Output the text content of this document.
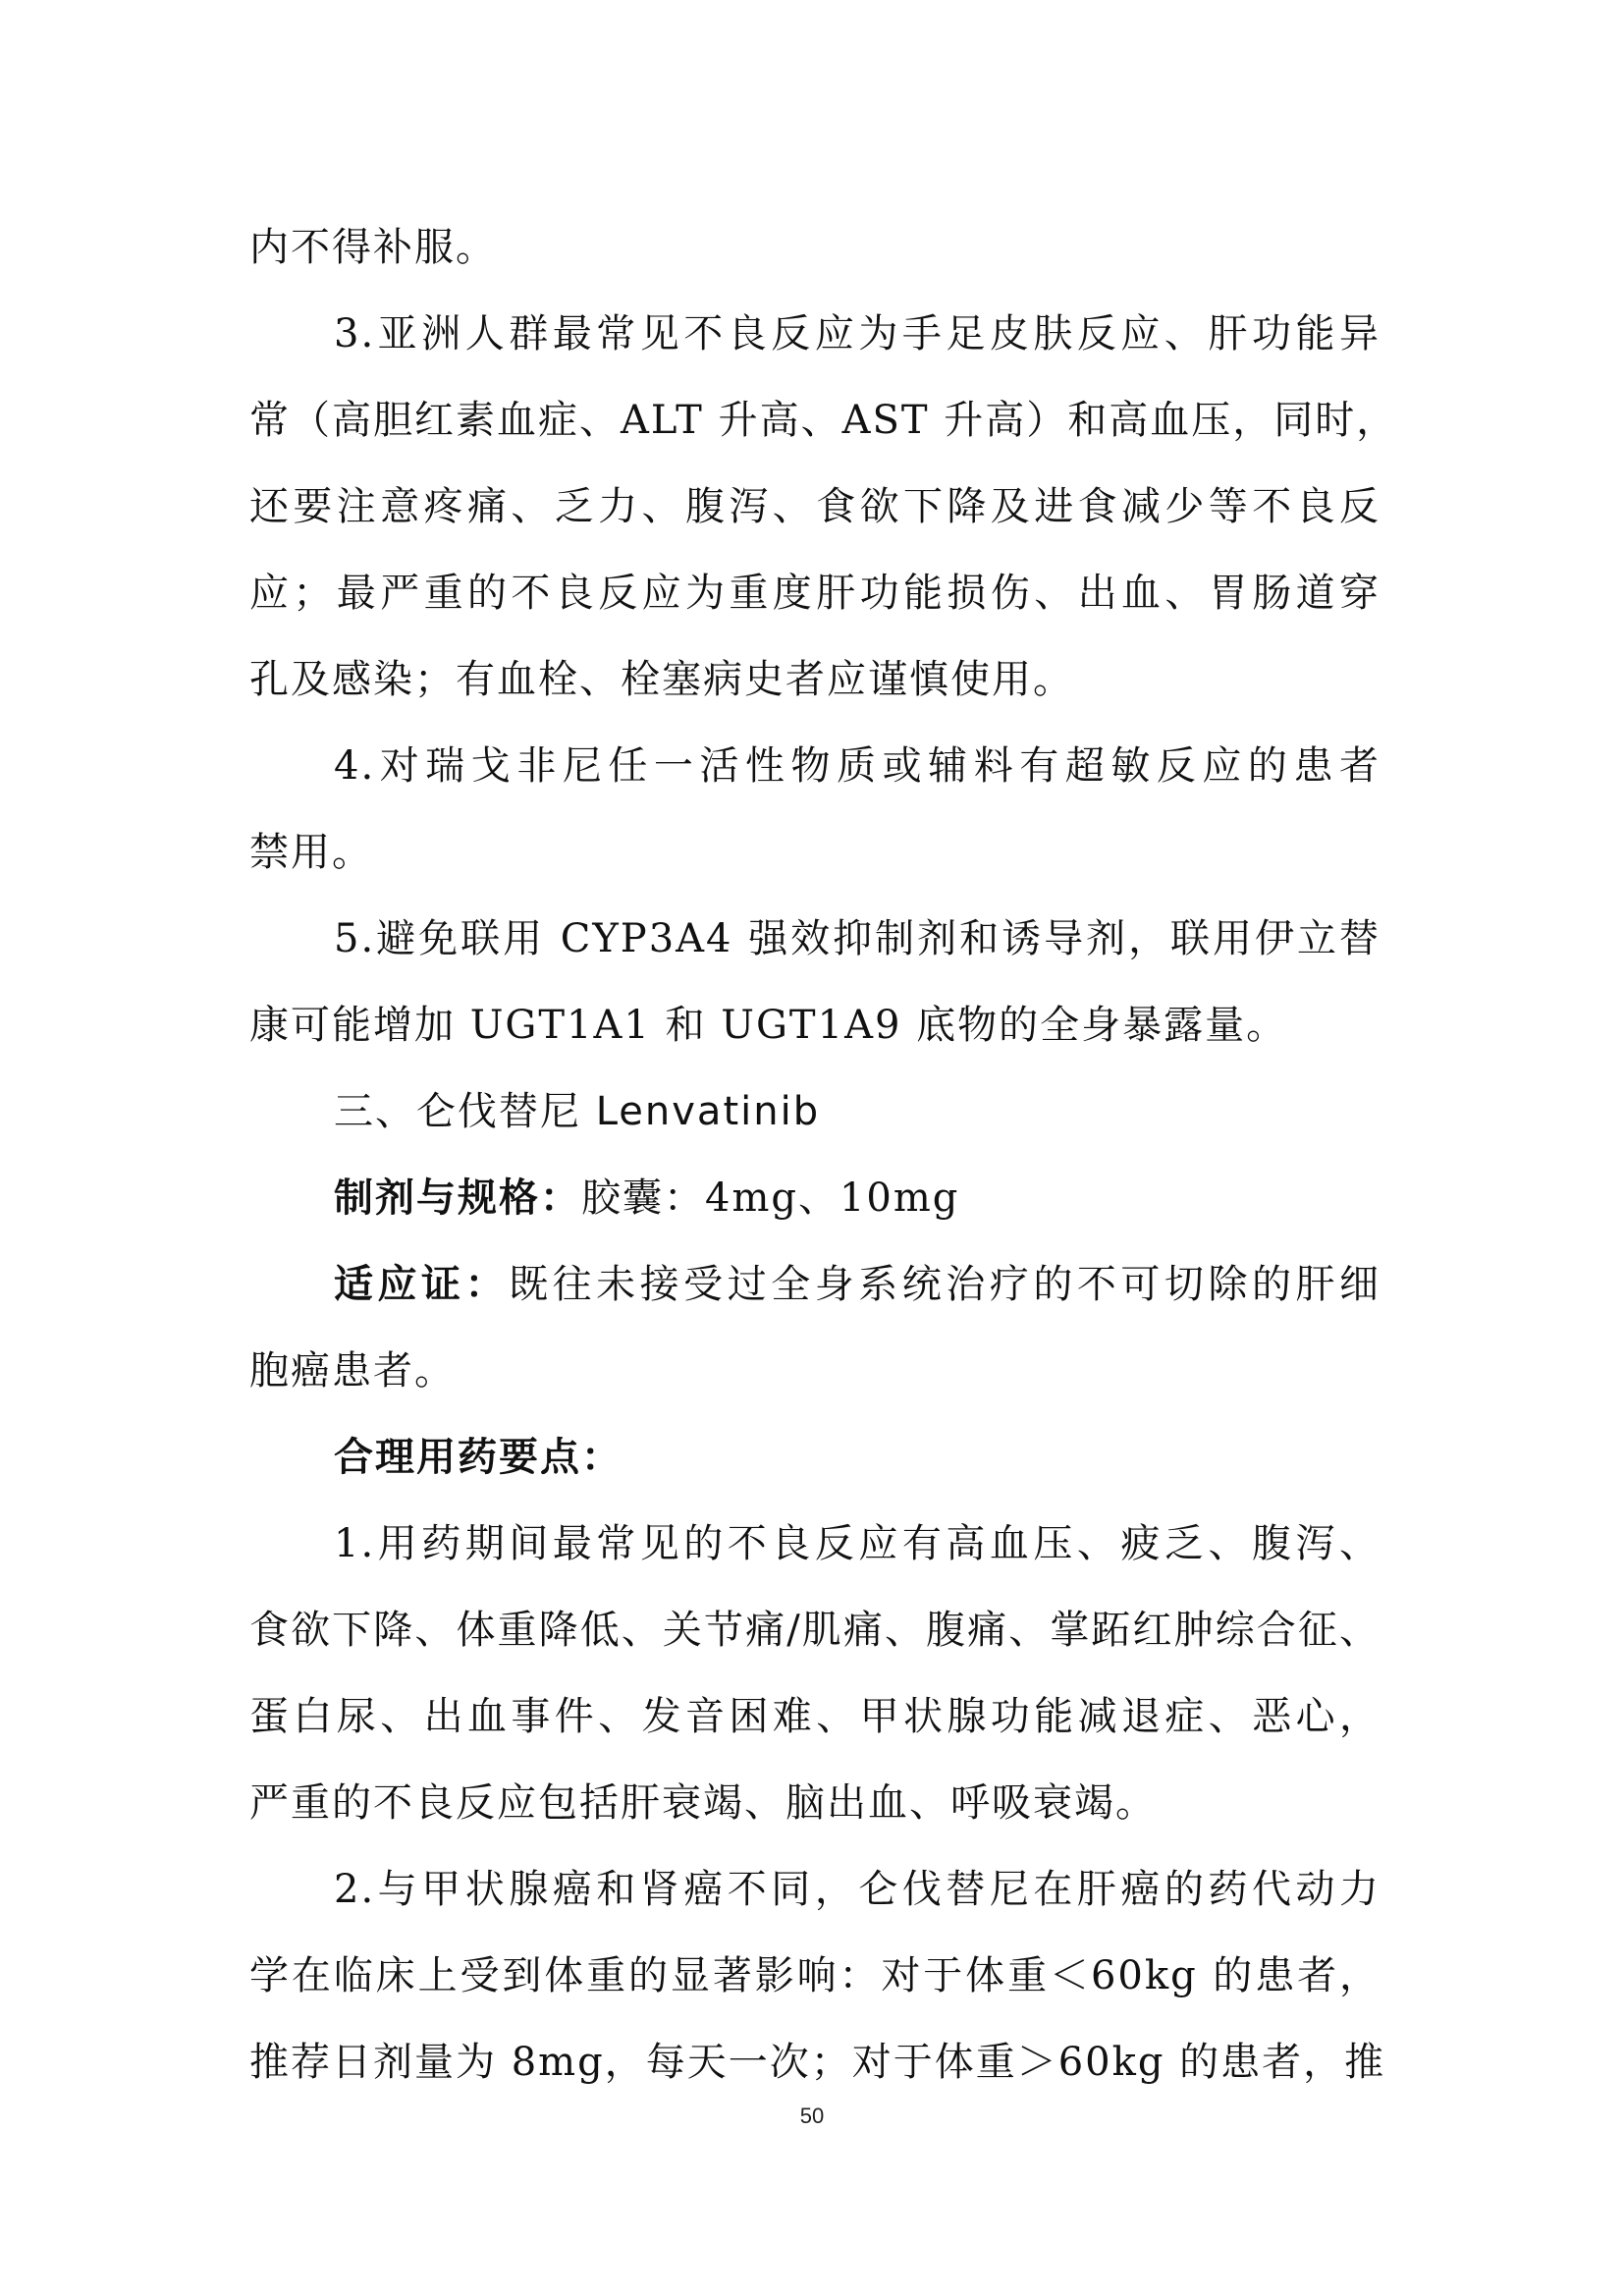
内不得补服。
3.亚洲人群最常见不良反应为手足皮肤反应、肝功能异
常（高胆红素血症、ALT 升高、AST 升高）和高血压，同时，
还要注意疼痛、乏力、腹泻、食欲下降及进食减少等不良反
应；最严重的不良反应为重度肝功能损伤、出血、胃肠道穿
孔及感染；有血栓、栓塞病史者应谨慎使用。
4.对瑞戈非尼任一活性物质或辅料有超敏反应的患者
禁用。
5.避免联用 CYP3A4 强效抑制剂和诱导剂，联用伊立替
康可能增加 UGT1A1 和 UGT1A9 底物的全身暴露量。
三、仑伐替尼 Lenvatinib
制剂与规格：胶囊：4mg、10mg
适应证：既往未接受过全身系统治疗的不可切除的肝细
胞癌患者。
合理用药要点：
1.用药期间最常见的不良反应有高血压、疲乏、腹泻、
食欲下降、体重降低、关节痛/肌痛、腹痛、掌跖红肿综合征、
蛋白尿、出血事件、发音困难、甲状腺功能减退症、恶心，
严重的不良反应包括肝衰竭、脑出血、呼吸衰竭。
2.与甲状腺癌和肾癌不同，仑伐替尼在肝癌的药代动力
学在临床上受到体重的显著影响：对于体重＜60kg 的患者，
推荐日剂量为 8mg，每天一次；对于体重＞60kg 的患者，推
50
